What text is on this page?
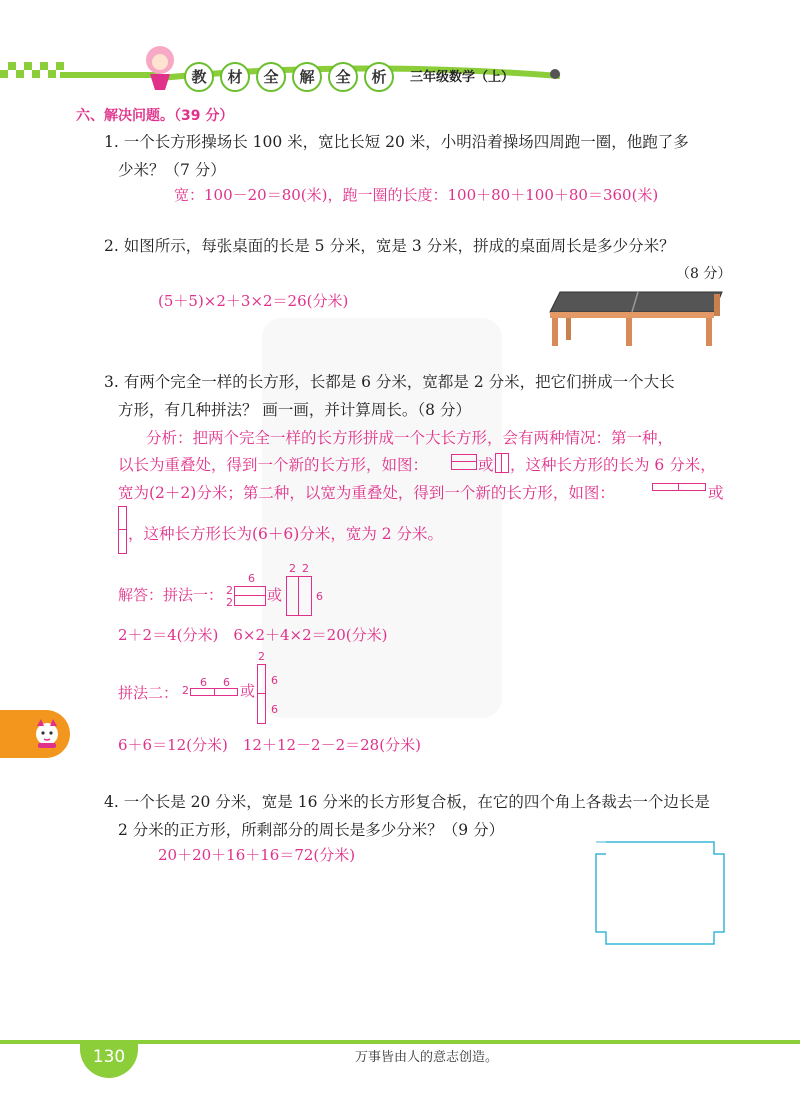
教	材	全	解	全	析	三年级数学（上）
六、解决问题。（39 分）
1. 一个长方形操场长 100 米，宽比长短 20 米，小明沿着操场四周跑一圈，他跑了多
少米？（7 分）
宽：100－20＝80(米)，跑一圈的长度：100＋80＋100＋80＝360(米)
2. 如图所示，每张桌面的长是 5 分米，宽是 3 分米，拼成的桌面周长是多少分米？
（8 分）
(5＋5)×2＋3×2＝26(分米)
3. 有两个完全一样的长方形，长都是 6 分米，宽都是 2 分米，把它们拼成一个大长
方形，有几种拼法？ 画一画，并计算周长。（8 分）
分析：把两个完全一样的长方形拼成一个大长方形，会有两种情况：第一种，
以长为重叠处，得到一个新的长方形，如图：	或 ，这种长方形的长为 6 分米，
宽为(2＋2)分米；第二种，以宽为重叠处，得到一个新的长方形，如图：	或
，这种长方形长为(6＋6)分米，宽为 2 分米。
解答：拼法一：
6
2
2 或
2 2
6
2＋2＝4(分米)　6×2＋4×2＝20(分米)
拼法二： 2
6 6 或
2
6
6
6＋6＝12(分米)　12＋12－2－2＝28(分米)
4. 一个长是 20 分米，宽是 16 分米的长方形复合板，在它的四个角上各裁去一个边长是
2 分米的正方形，所剩部分的周长是多少分米？（9 分）
20＋20＋16＋16＝72(分米)
130	万事皆由人的意志创造。
